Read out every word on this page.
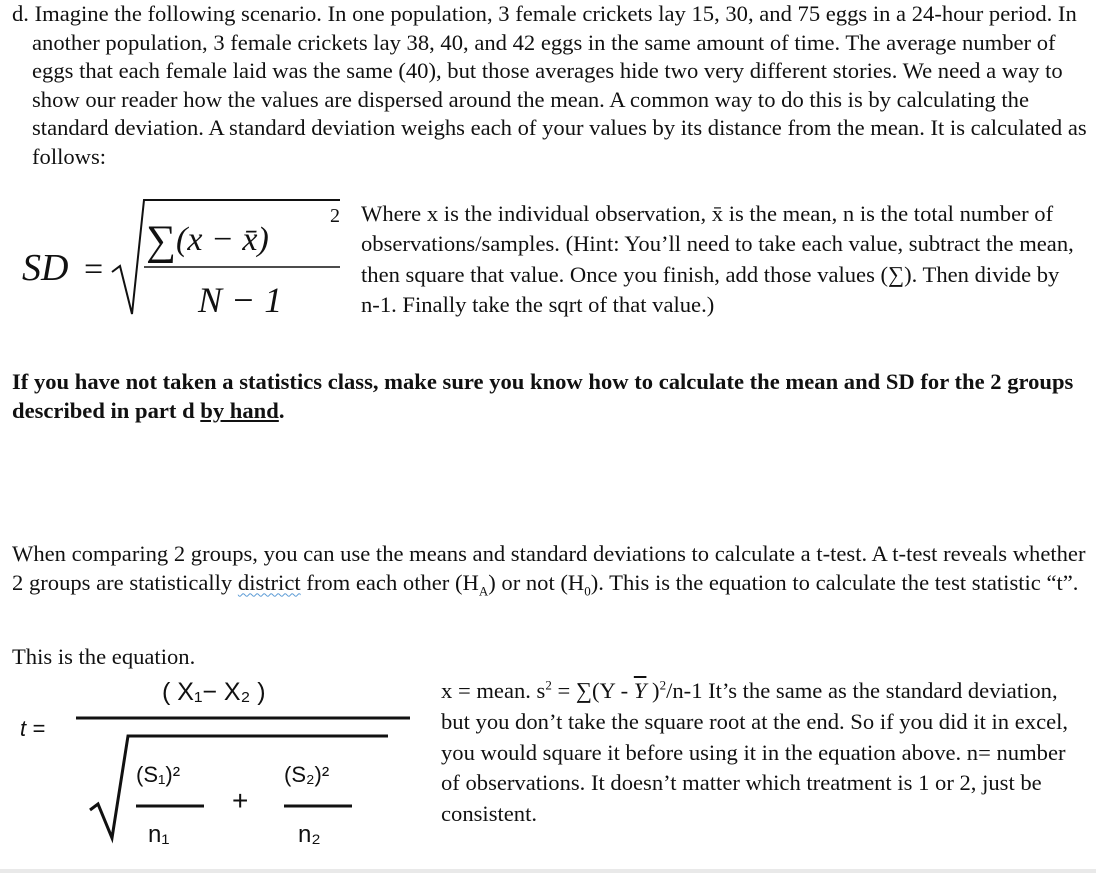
d. Imagine the following scenario. In one population, 3 female crickets lay 15, 30, and 75 eggs in a 24-hour period. In another population, 3 female crickets lay 38, 40, and 42 eggs in the same amount of time. The average number of eggs that each female laid was the same (40), but those averages hide two very different stories. We need a way to show our reader how the values are dispersed around the mean. A common way to do this is by calculating the standard deviation. A standard deviation weighs each of your values by its distance from the mean. It is calculated as follows:
SD =
∑ (x − x̄)
2
N − 1
Where x is the individual observation, x̄ is the mean, n is the total number of observations/samples. (Hint: You’ll need to take each value, subtract the mean, then square that value. Once you finish, add those values (∑). Then divide by n-1. Finally take the sqrt of that value.)
If you have not taken a statistics class, make sure you know how to calculate the mean and SD for the 2 groups described in part d by hand.
When comparing 2 groups, you can use the means and standard deviations to calculate a t-test. A t-test reveals whether 2 groups are statistically district from each other $(H_A)$ or not $(H_0)$. This is the equation to calculate the test statistic “t”.
This is the equation.
t =
( X₁− X₂ )
(S₁)²
n₁
+
(S₂)²
n₂
x = mean. $s^2 = \sum(Y - \overline{Y}$ )$^2$/n-1 It’s the same as the standard deviation, but you don’t take the square root at the end. So if you did it in excel, you would square it before using it in the equation above. n= number of observations. It doesn’t matter which treatment is 1 or 2, just be consistent.
